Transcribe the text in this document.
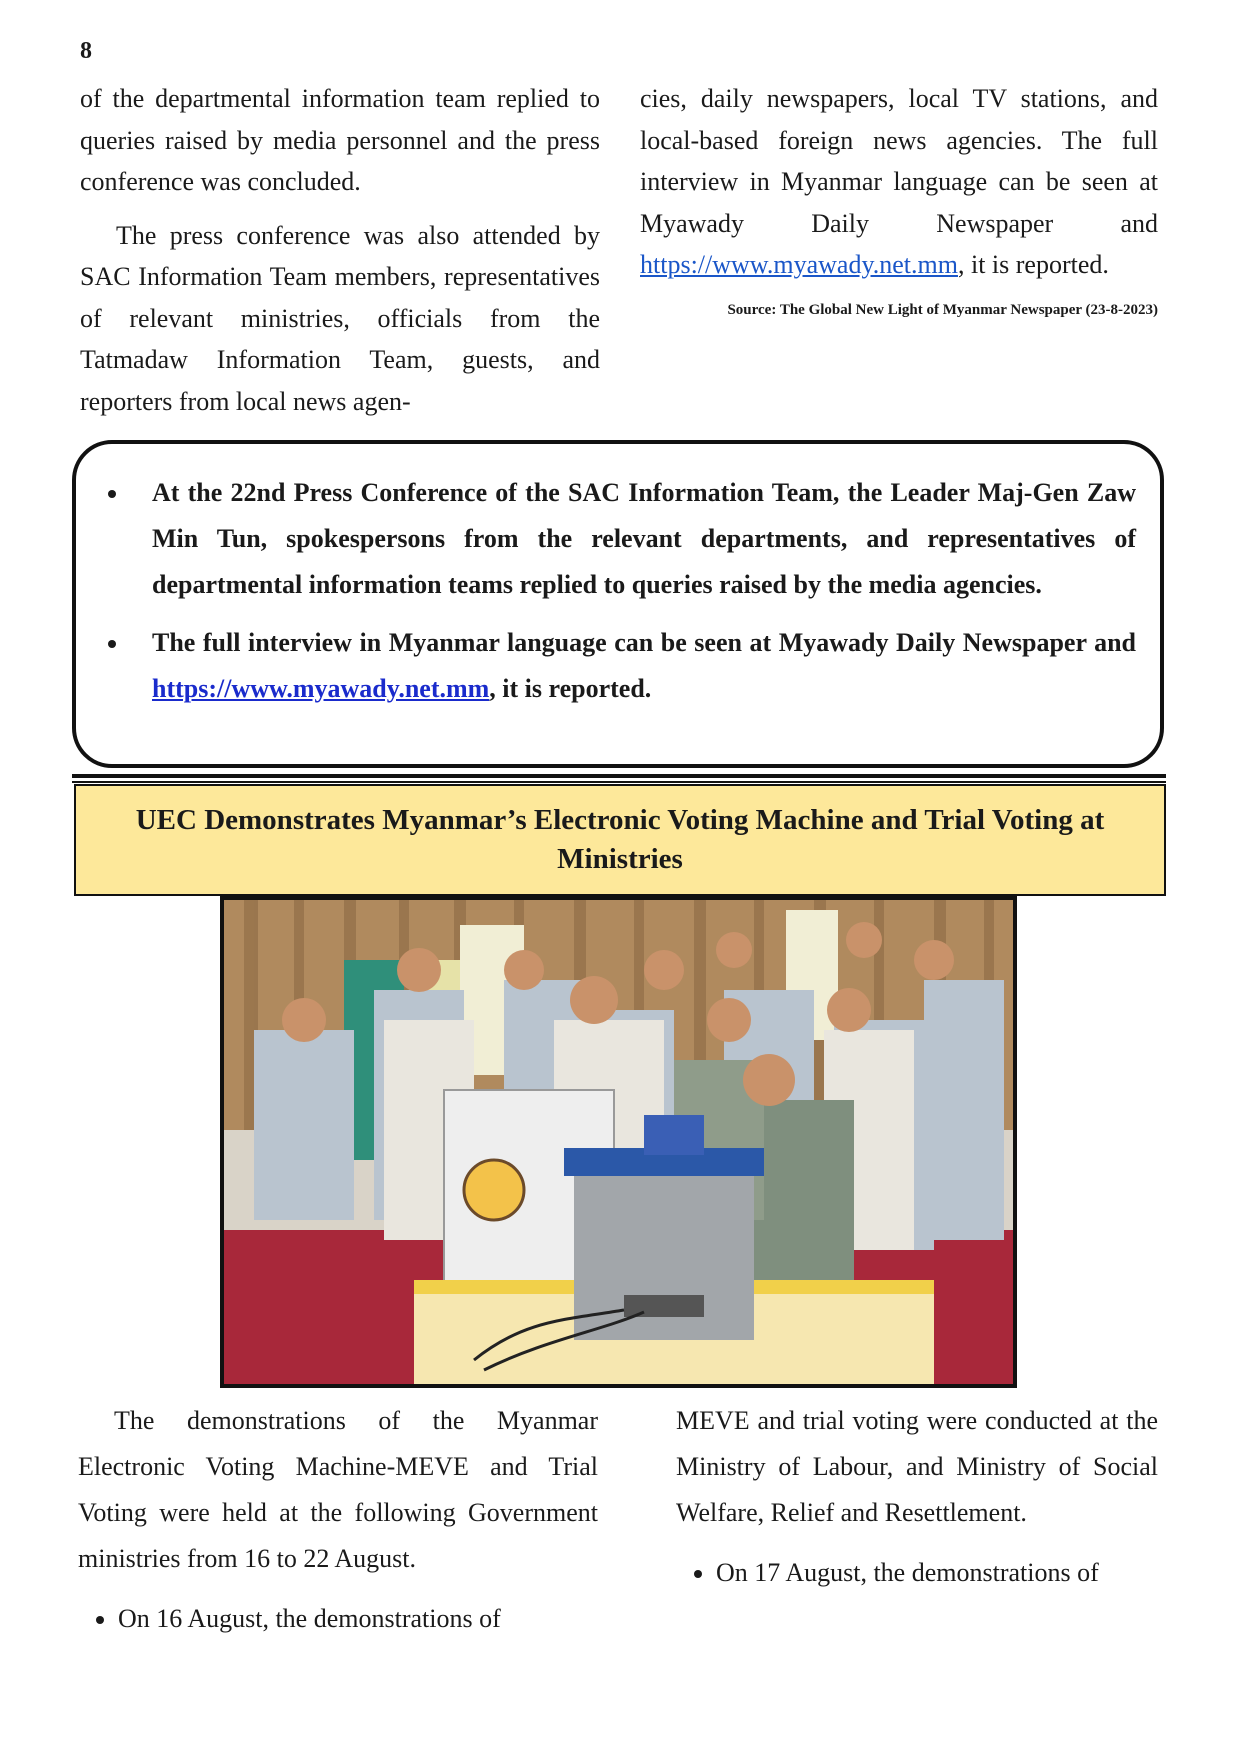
8

of the departmental information team replied to queries raised by media personnel and the press conference was concluded.

The press conference was also attended by SAC Information Team members, representatives of relevant ministries, officials from the Tatmadaw Information Team, guests, and reporters from local news agen-

cies, daily newspapers, local TV stations, and local-based foreign news agencies. The full interview in Myanmar language can be seen at Myawady Daily Newspaper and https://www.myawady.net.mm, it is reported.

Source: The Global New Light of Myanmar Newspaper (23-8-2023)

• At the 22nd Press Conference of the SAC Information Team, the Leader Maj-Gen Zaw Min Tun, spokespersons from the relevant departments, and representatives of departmental information teams replied to queries raised by the media agencies.
• The full interview in Myanmar language can be seen at Myawady Daily Newspaper and https://www.myawady.net.mm, it is reported.
UEC Demonstrates Myanmar’s Electronic Voting Machine and Trial Voting at Ministries

The demonstrations of the Myanmar Electronic Voting Machine-MEVE and Trial Voting were held at the following Government ministries from 16 to 22 August.

• On 16 August, the demonstrations of

MEVE and trial voting were conducted at the Ministry of Labour, and Ministry of Social Welfare, Relief and Resettlement.

• On 17 August, the demonstrations of
